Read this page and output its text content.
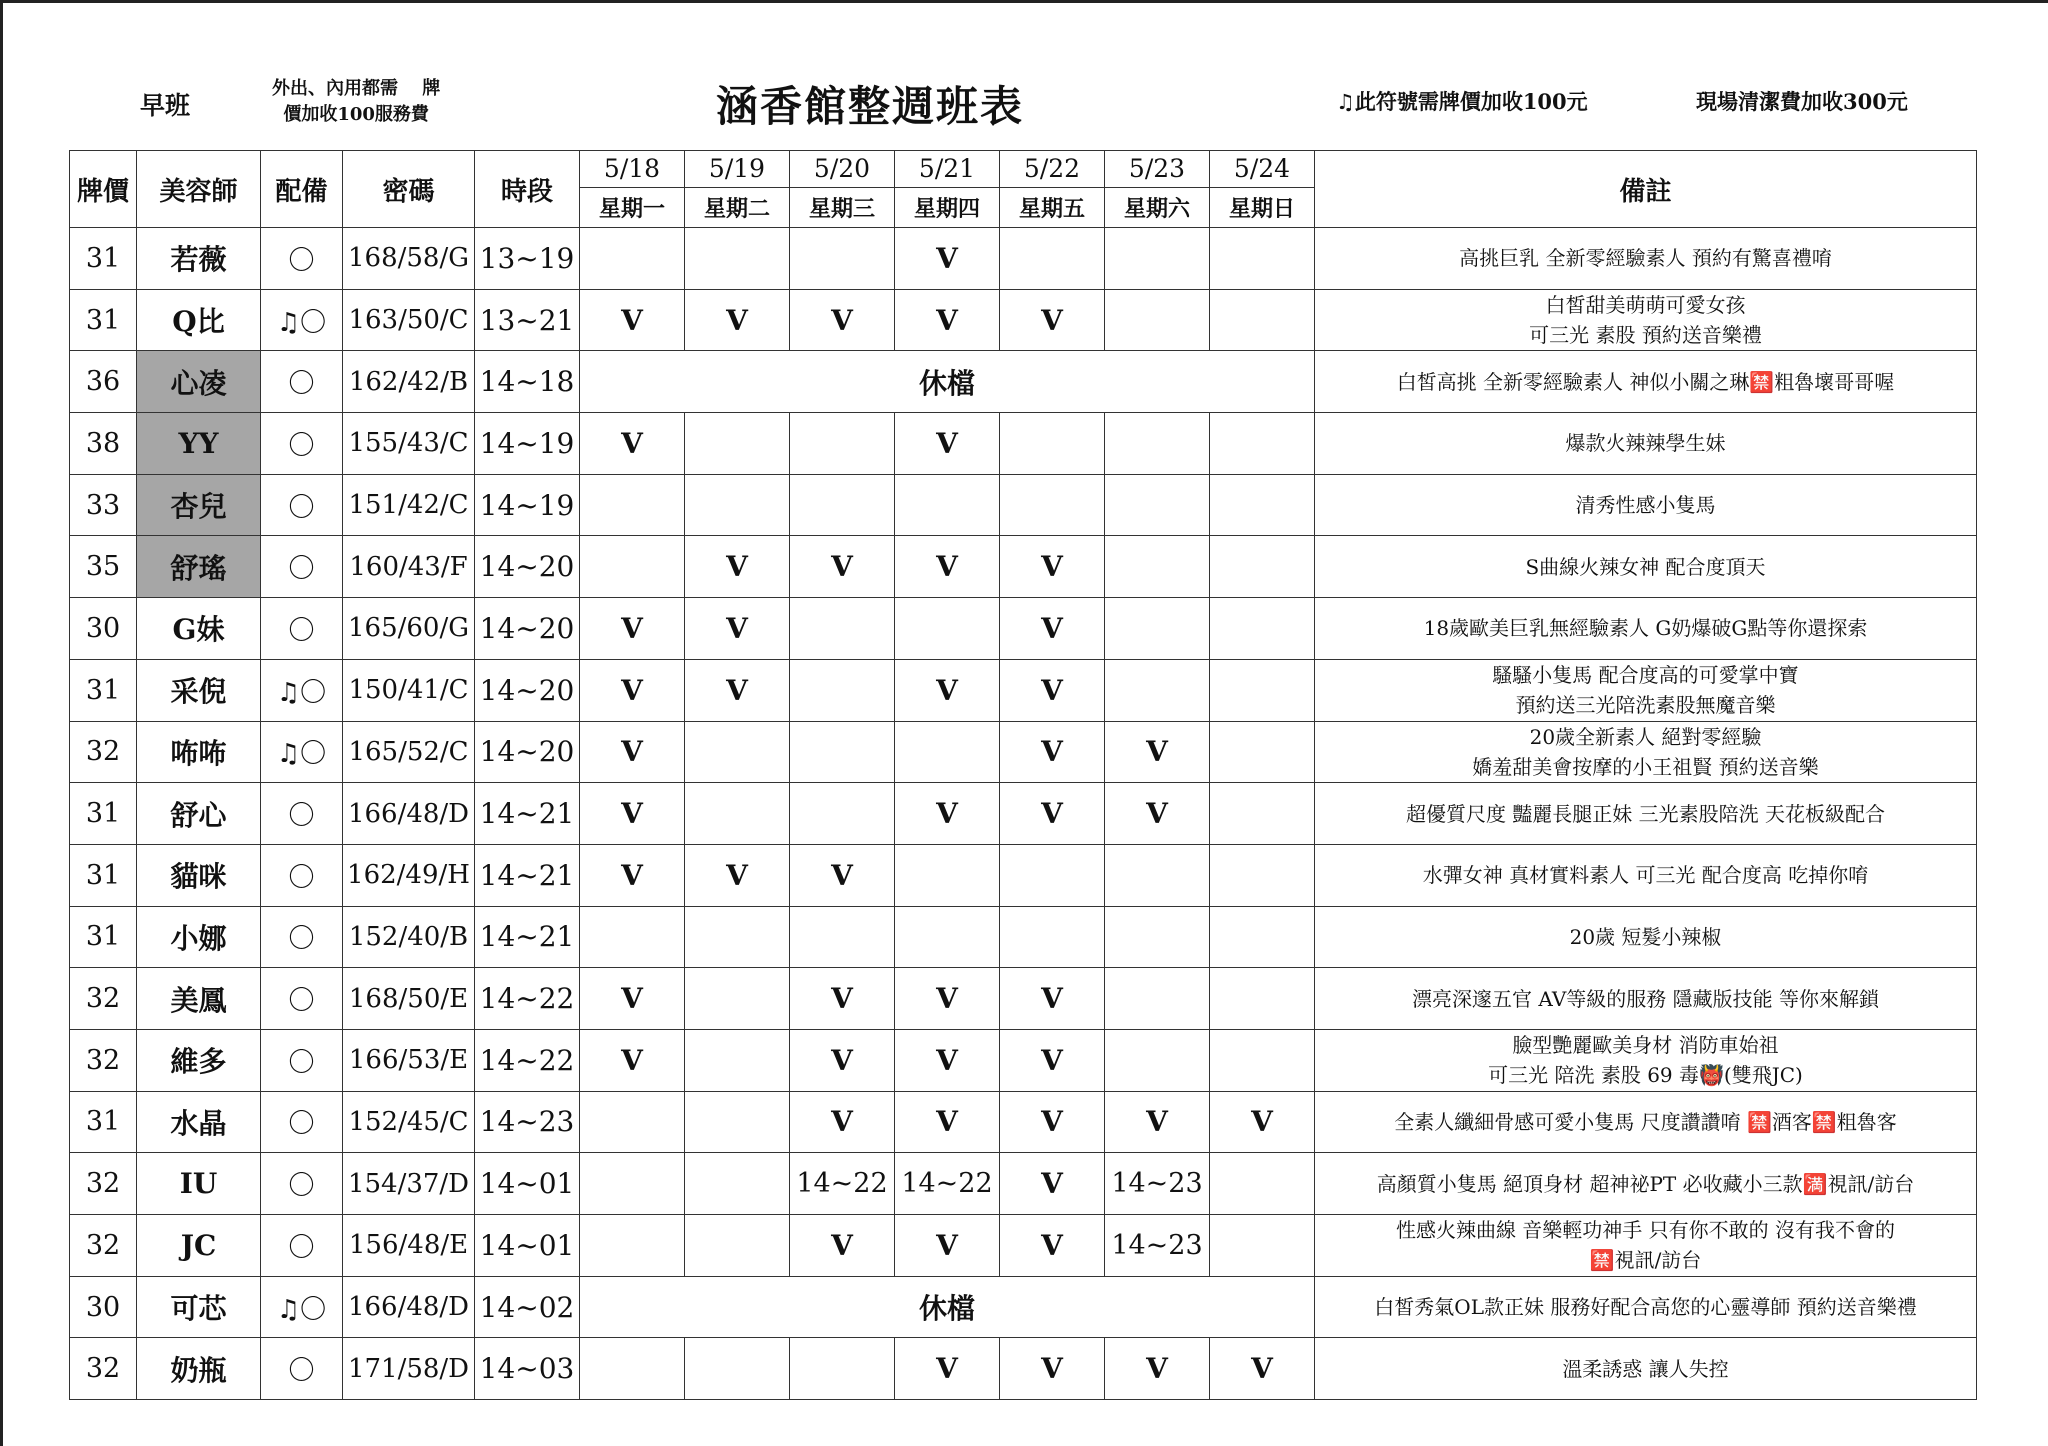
早班
外出、內用都需　 牌
價加收100服務費	涵香館整週班表	♫此符號需牌價加收100元	現場清潔費加收300元
牌價	美容師	配備	密碼	時段	5/18	5/19	5/20	5/21	5/22	5/23	5/24	備註
					星期一	星期二	星期三	星期四	星期五	星期六	星期日	
31	若薇	〇	168/58/G	13~19				V				高挑巨乳 全新零經驗素人 預約有驚喜禮唷

31	Q比	♫〇	163/50/C	13~21	V	V	V	V	V			白皙甜美萌萌可愛女孩
可三光 素股 預約送音樂禮

36	心凌	〇	162/42/B	14~18	休檔							白皙高挑 全新零經驗素人 神似小關之琳🈲粗魯壞哥哥喔

38	YY	〇	155/43/C	14~19	V			V				爆款火辣辣學生妹

33	杏兒	〇	151/42/C	14~19								清秀性感小隻馬

35	舒瑤	〇	160/43/F	14~20		V	V	V	V			S曲線火辣女神 配合度頂天

30	G妹	〇	165/60/G	14~20	V	V			V			18歲歐美巨乳無經驗素人 G奶爆破G點等你還探索

31	采倪	♫〇	150/41/C	14~20	V	V		V	V			騷騷小隻馬 配合度高的可愛掌中寶
預約送三光陪洗素股無魔音樂

32	咘咘	♫〇	165/52/C	14~20	V				V	V		20歲全新素人 絕對零經驗
嬌羞甜美會按摩的小王祖賢 預約送音樂

31	舒心	〇	166/48/D	14~21	V			V	V	V		超優質尺度 豔麗長腿正妹 三光素股陪洗 天花板級配合

31	貓咪	〇	162/49/H	14~21	V	V	V					水彈女神 真材實料素人 可三光 配合度高 吃掉你唷

31	小娜	〇	152/40/B	14~21								20歲 短髮小辣椒

32	美鳳	〇	168/50/E	14~22	V		V	V	V			漂亮深邃五官 AV等級的服務 隱藏版技能 等你來解鎖

32	維多	〇	166/53/E	14~22	V		V	V	V			臉型艷麗歐美身材 消防車始祖
可三光 陪洗 素股 69 毒👹(雙飛JC)

31	水晶	〇	152/45/C	14~23			V	V	V	V	V	全素人纖細骨感可愛小隻馬 尺度讚讚唷 🈲酒客🈲粗魯客

32	IU	〇	154/37/D	14~01			14~22	14~22	V	14~23		高顏質小隻馬 絕頂身材 超神祕PT 必收藏小三款🈵視訊/訪台

32	JC	〇	156/48/E	14~01			V	V	V	14~23		性感火辣曲線 音樂輕功神手 只有你不敢的 沒有我不會的
🈲視訊/訪台

30	可芯	♫〇	166/48/D	14~02	休檔							白皙秀氣OL款正妹 服務好配合高您的心靈導師 預約送音樂禮

32	奶瓶	〇	171/58/D	14~03				V	V	V	V	溫柔誘惑 讓人失控
